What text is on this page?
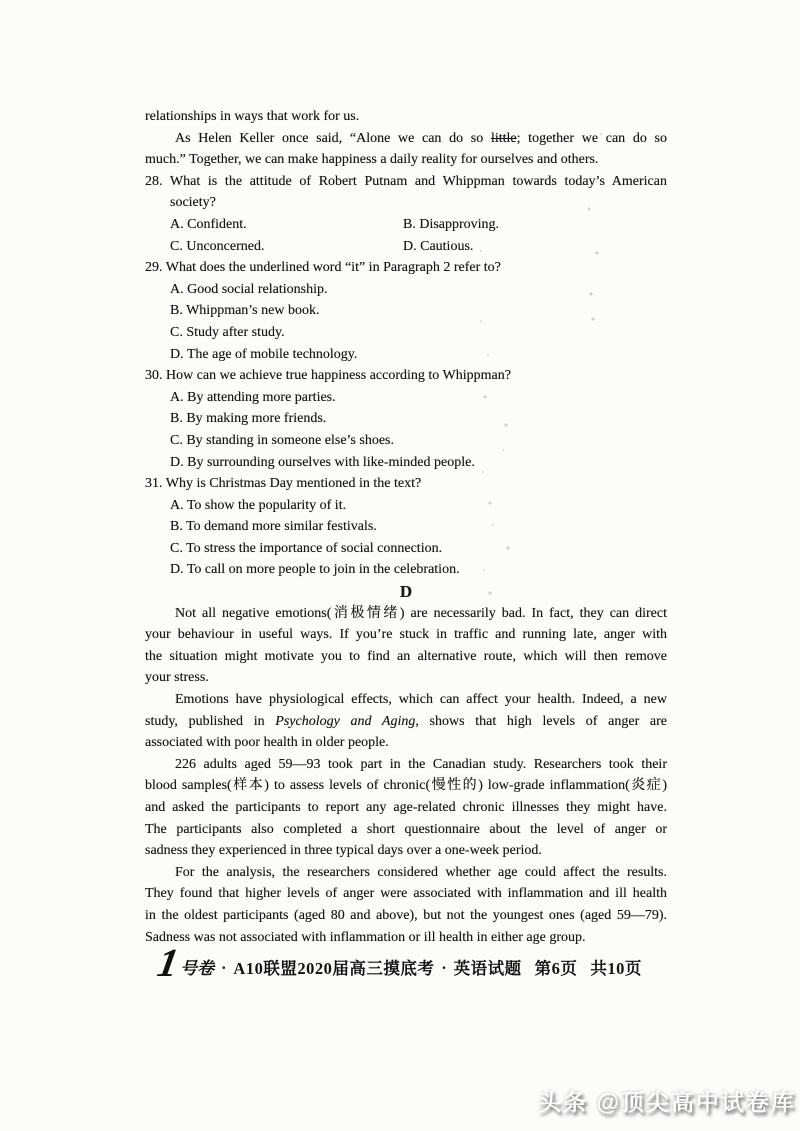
relationships in ways that work for us.
As Helen Keller once said, “Alone we can do so little; together we can do so
much.” Together, we can make happiness a daily reality for ourselves and others.
28. What is the attitude of Robert Putnam and Whippman towards today’s American
society?
A. Confident.	B. Disapproving.
C. Unconcerned.	D. Cautious.
29. What does the underlined word “it” in Paragraph 2 refer to?
A. Good social relationship.
B. Whippman’s new book.
C. Study after study.
D. The age of mobile technology.
30. How can we achieve true happiness according to Whippman?
A. By attending more parties.
B. By making more friends.
C. By standing in someone else’s shoes.
D. By surrounding ourselves with like-minded people.
31. Why is Christmas Day mentioned in the text?
A. To show the popularity of it.
B. To demand more similar festivals.
C. To stress the importance of social connection.
D. To call on more people to join in the celebration.
D
Not all negative emotions(消极情绪) are necessarily bad. In fact, they can direct
your behaviour in useful ways. If you’re stuck in traffic and running late, anger with
the situation might motivate you to find an alternative route, which will then remove
your stress.
Emotions have physiological effects, which can affect your health. Indeed, a new
study, published in Psychology and Aging, shows that high levels of anger are
associated with poor health in older people.
226 adults aged 59—93 took part in the Canadian study. Researchers took their
blood samples(样本) to assess levels of chronic(慢性的) low-grade inflammation(炎症)
and asked the participants to report any age-related chronic illnesses they might have.
The participants also completed a short questionnaire about the level of anger or
sadness they experienced in three typical days over a one-week period.
For the analysis, the researchers considered whether age could affect the results.
They found that higher levels of anger were associated with inflammation and ill health
in the oldest participants (aged 80 and above), but not the youngest ones (aged 59—79).
Sadness was not associated with inflammation or ill health in either age group.
1
号卷 · A10联盟2020届高三摸底考 · 英语试题 第6页 共10页
头条 @顶尖高中试卷库
